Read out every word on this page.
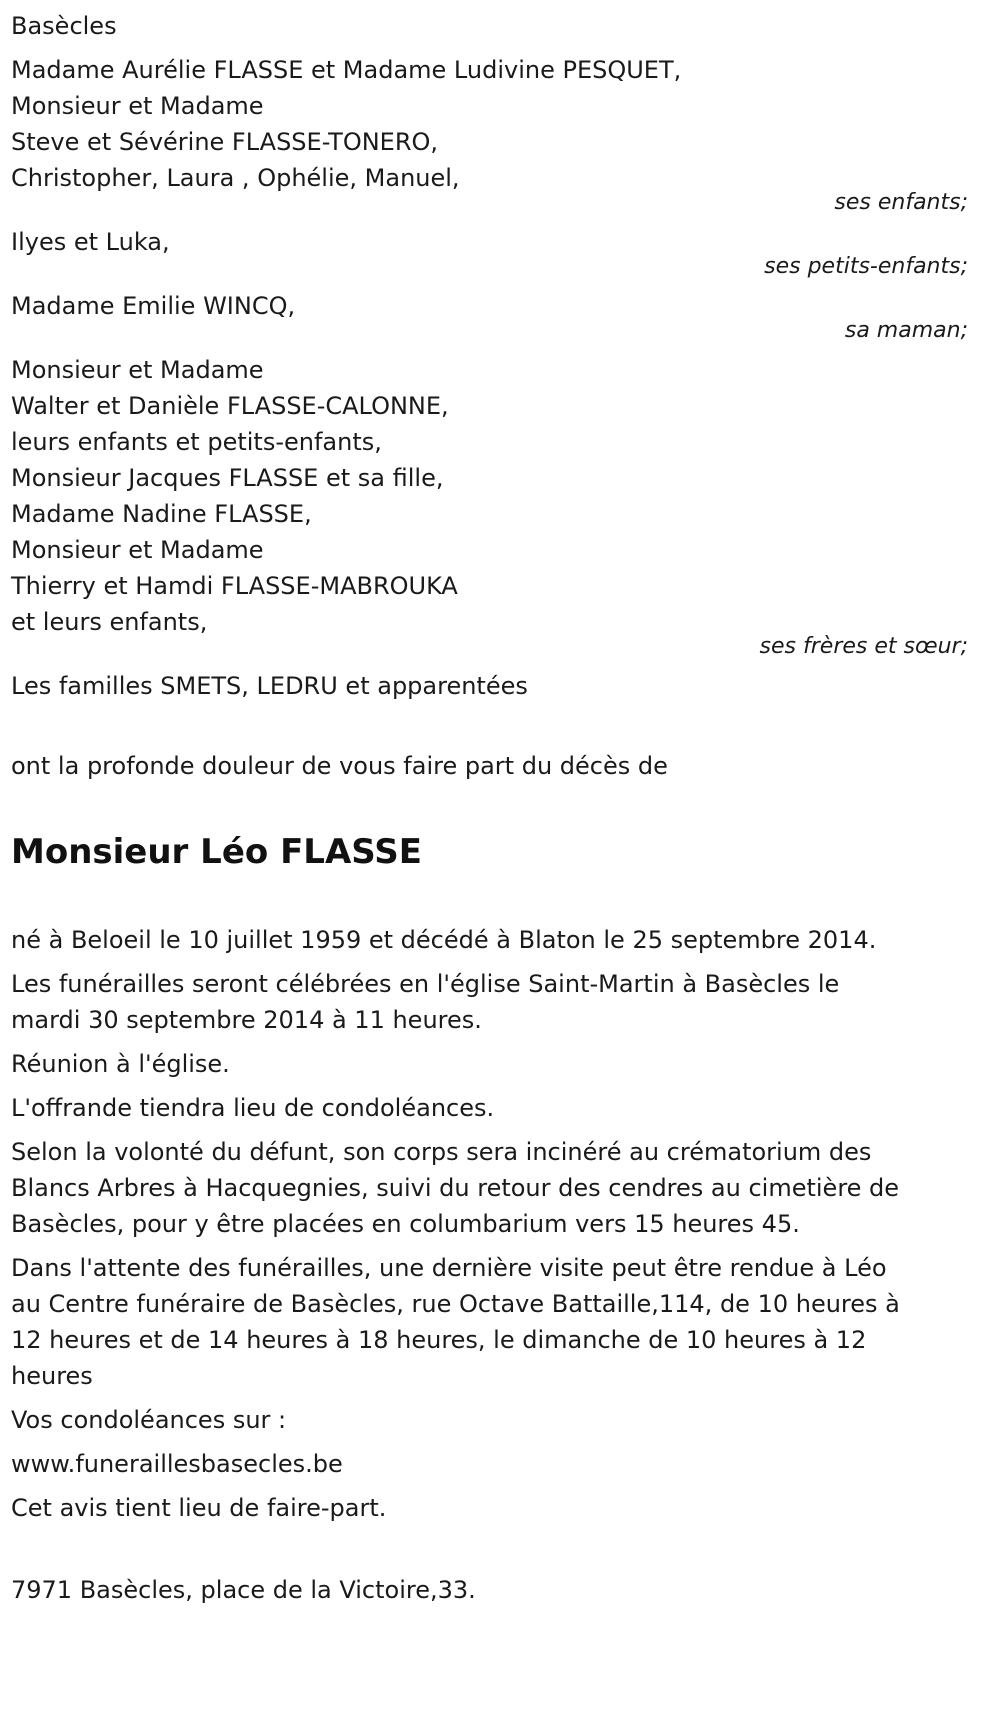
Basècles
Madame Aurélie FLASSE et Madame Ludivine PESQUET,
Monsieur et Madame
Steve et Sévérine FLASSE-TONERO,
Christopher, Laura , Ophélie, Manuel,
ses enfants;
Ilyes et Luka,
ses petits-enfants;
Madame Emilie WINCQ,
sa maman;
Monsieur et Madame
Walter et Danièle FLASSE-CALONNE,
leurs enfants et petits-enfants,
Monsieur Jacques FLASSE et sa fille,
Madame Nadine FLASSE,
Monsieur et Madame
Thierry et Hamdi FLASSE-MABROUKA
et leurs enfants,
ses frères et sœur;
Les familles SMETS, LEDRU et apparentées
ont la profonde douleur de vous faire part du décès de
Monsieur Léo FLASSE
né à Beloeil le 10 juillet 1959 et décédé à Blaton le 25 septembre 2014.
Les funérailles seront célébrées en l'église Saint-Martin à Basècles le mardi 30 septembre 2014 à 11 heures.
Réunion à l'église.
L'offrande tiendra lieu de condoléances.
Selon la volonté du défunt, son corps sera incinéré au crématorium des Blancs Arbres à Hacquegnies, suivi du retour des cendres au cimetière de Basècles, pour y être placées en columbarium vers 15 heures 45.
Dans l'attente des funérailles, une dernière visite peut être rendue à Léo au Centre funéraire de Basècles, rue Octave Battaille,114, de 10 heures à 12 heures et de 14 heures à 18 heures, le dimanche de 10 heures à 12 heures
Vos condoléances sur :
www.funeraillesbasecles.be
Cet avis tient lieu de faire-part.
7971 Basècles, place de la Victoire,33.
